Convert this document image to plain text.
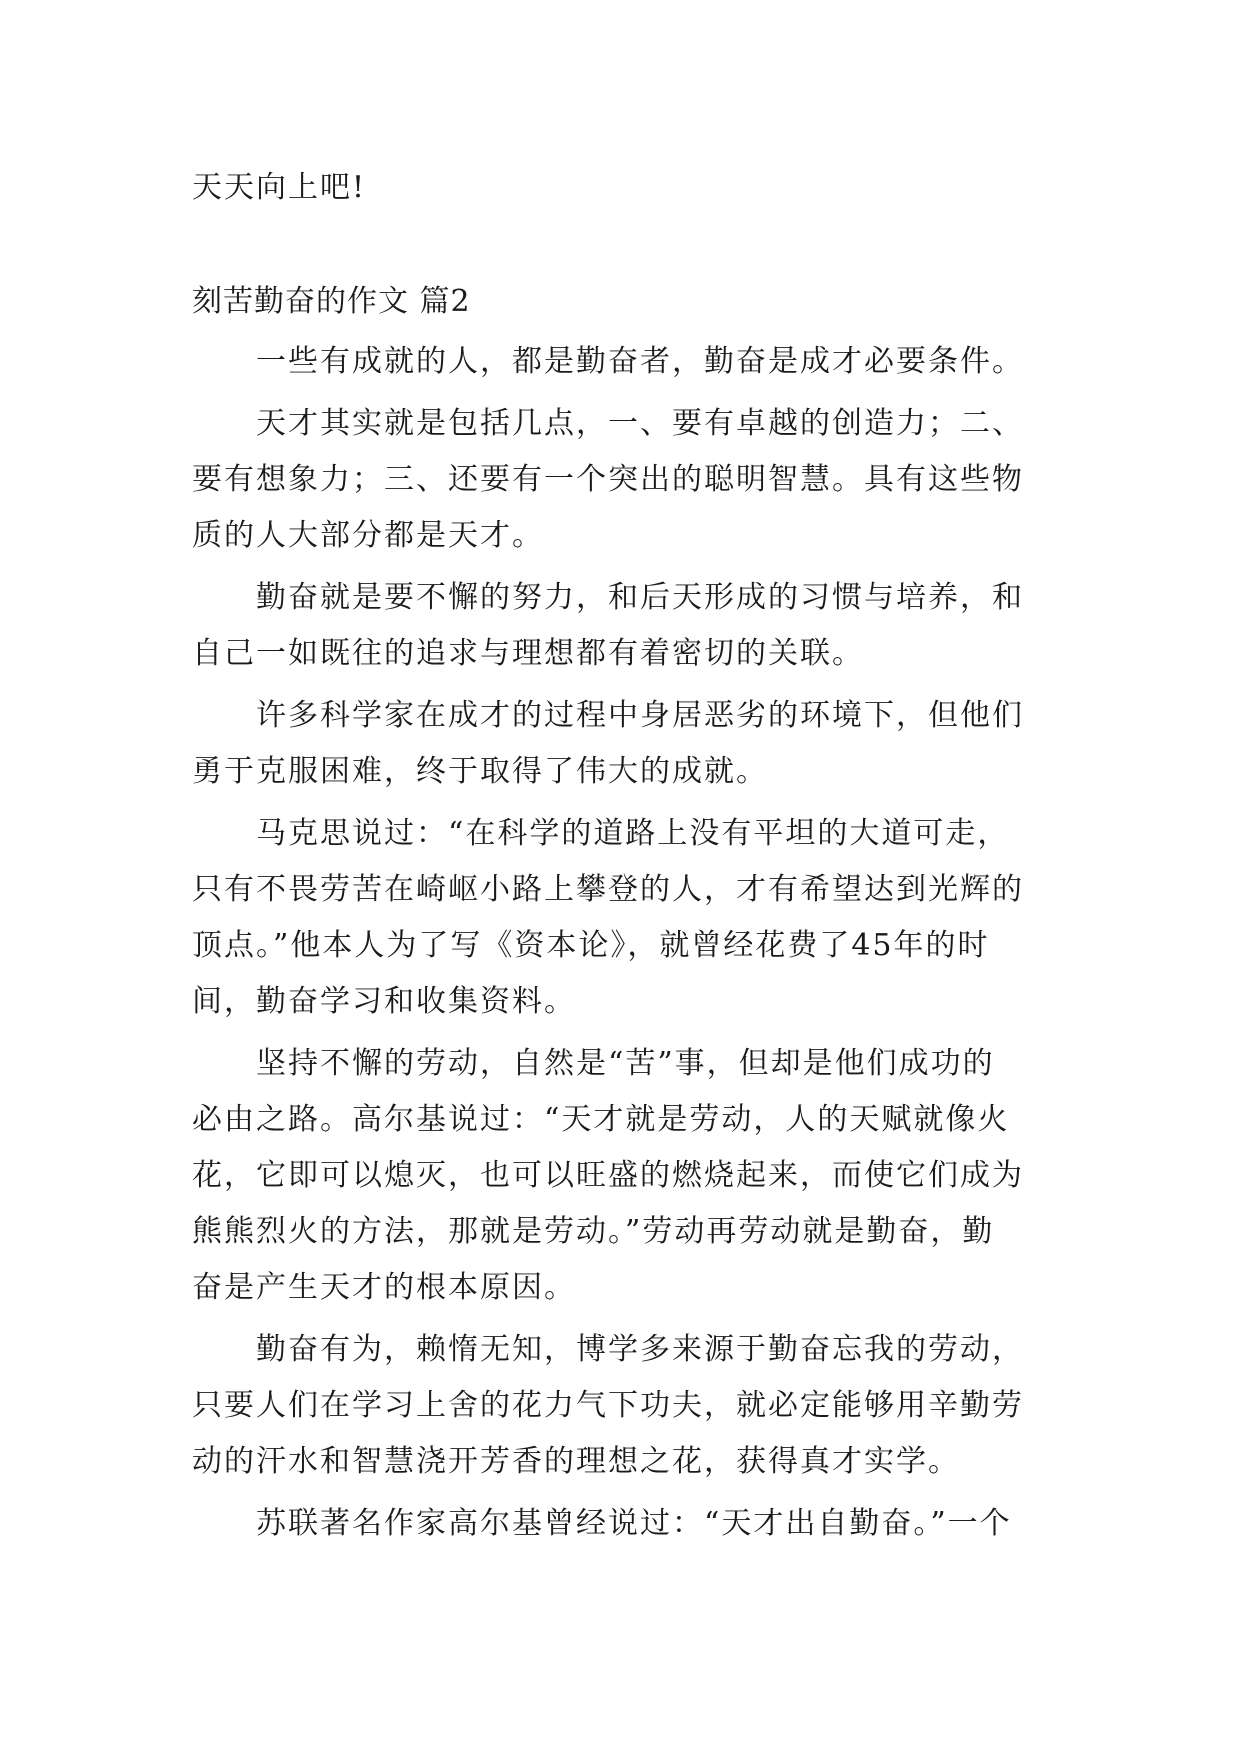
天天向上吧!
刻苦勤奋的作文 篇2
一些有成就的人，都是勤奋者，勤奋是成才必要条件。
天才其实就是包括几点，一、要有卓越的创造力；二、
要有想象力；三、还要有一个突出的聪明智慧。具有这些物
质的人大部分都是天才。
勤奋就是要不懈的努力，和后天形成的习惯与培养，和
自己一如既往的追求与理想都有着密切的关联。
许多科学家在成才的过程中身居恶劣的环境下，但他们
勇于克服困难，终于取得了伟大的成就。
马克思说过：“在科学的道路上没有平坦的大道可走，
只有不畏劳苦在崎岖小路上攀登的人，才有希望达到光辉的
顶点。”他本人为了写《资本论》，就曾经花费了45年的时
间，勤奋学习和收集资料。
坚持不懈的劳动，自然是“苦”事，但却是他们成功的
必由之路。高尔基说过：“天才就是劳动，人的天赋就像火
花，它即可以熄灭，也可以旺盛的燃烧起来，而使它们成为
熊熊烈火的方法，那就是劳动。”劳动再劳动就是勤奋，勤
奋是产生天才的根本原因。
勤奋有为，赖惰无知，博学多来源于勤奋忘我的劳动，
只要人们在学习上舍的花力气下功夫，就必定能够用辛勤劳
动的汗水和智慧浇开芳香的理想之花，获得真才实学。
苏联著名作家高尔基曾经说过：“天才出自勤奋。”一个
